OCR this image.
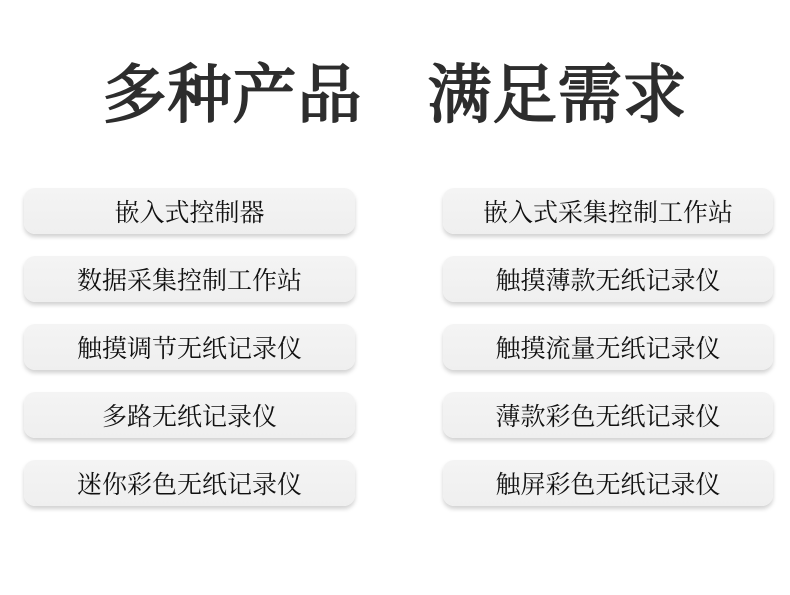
多种产品　满足需求
嵌入式控制器
数据采集控制工作站
触摸调节无纸记录仪
多路无纸记录仪
迷你彩色无纸记录仪
嵌入式采集控制工作站
触摸薄款无纸记录仪
触摸流量无纸记录仪
薄款彩色无纸记录仪
触屏彩色无纸记录仪
